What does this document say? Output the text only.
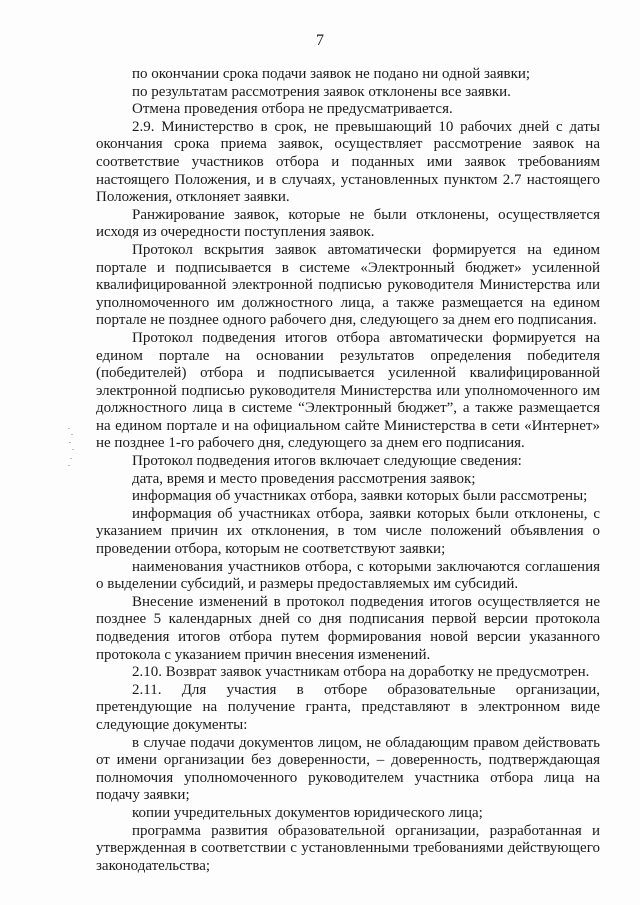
7

по окончании срока подачи заявок не подано ни одной заявки;

по результатам рассмотрения заявок отклонены все заявки.

Отмена проведения отбора не предусматривается.

2.9. Министерство в срок, не превышающий 10 рабочих дней с даты окончания срока приема заявок, осуществляет рассмотрение заявок на соответствие участников отбора и поданных ими заявок требованиям настоящего Положения, и в случаях, установленных пунктом 2.7 настоящего Положения, отклоняет заявки.

Ранжирование заявок, которые не были отклонены, осуществляется исходя из очередности поступления заявок.

Протокол вскрытия заявок автоматически формируется на едином портале и подписывается в системе «Электронный бюджет» усиленной квалифицированной электронной подписью руководителя Министерства или уполномоченного им должностного лица, а также размещается на едином портале не позднее одного рабочего дня, следующего за днем его подписания.

Протокол подведения итогов отбора автоматически формируется на едином портале на основании результатов определения победителя (победителей) отбора и подписывается усиленной квалифицированной электронной подписью руководителя Министерства или уполномоченного им должностного лица в системе “Электронный бюджет”, а также размещается на едином портале и на официальном сайте Министерства в сети «Интернет» не позднее 1-го рабочего дня, следующего за днем его подписания.

Протокол подведения итогов включает следующие сведения:

дата, время и место проведения рассмотрения заявок;

информация об участниках отбора, заявки которых были рассмотрены;

информация об участниках отбора, заявки которых были отклонены, с указанием причин их отклонения, в том числе положений объявления о проведении отбора, которым не соответствуют заявки;

наименования участников отбора, с которыми заключаются соглашения о выделении субсидий, и размеры предоставляемых им субсидий.

Внесение изменений в протокол подведения итогов осуществляется не позднее 5 календарных дней со дня подписания первой версии протокола подведения итогов отбора путем формирования новой версии указанного протокола с указанием причин внесения изменений.

2.10. Возврат заявок участникам отбора на доработку не предусмотрен.

2.11. Для участия в отборе образовательные организации, претендующие на получение гранта, представляют в электронном виде следующие документы:

в случае подачи документов лицом, не обладающим правом действовать от имени организации без доверенности, – доверенность, подтверждающая полномочия уполномоченного руководителем участника отбора лица на подачу заявки;

копии учредительных документов юридического лица;

программа развития образовательной организации, разработанная и утвержденная в соответствии с установленными требованиями действующего законодательства;
